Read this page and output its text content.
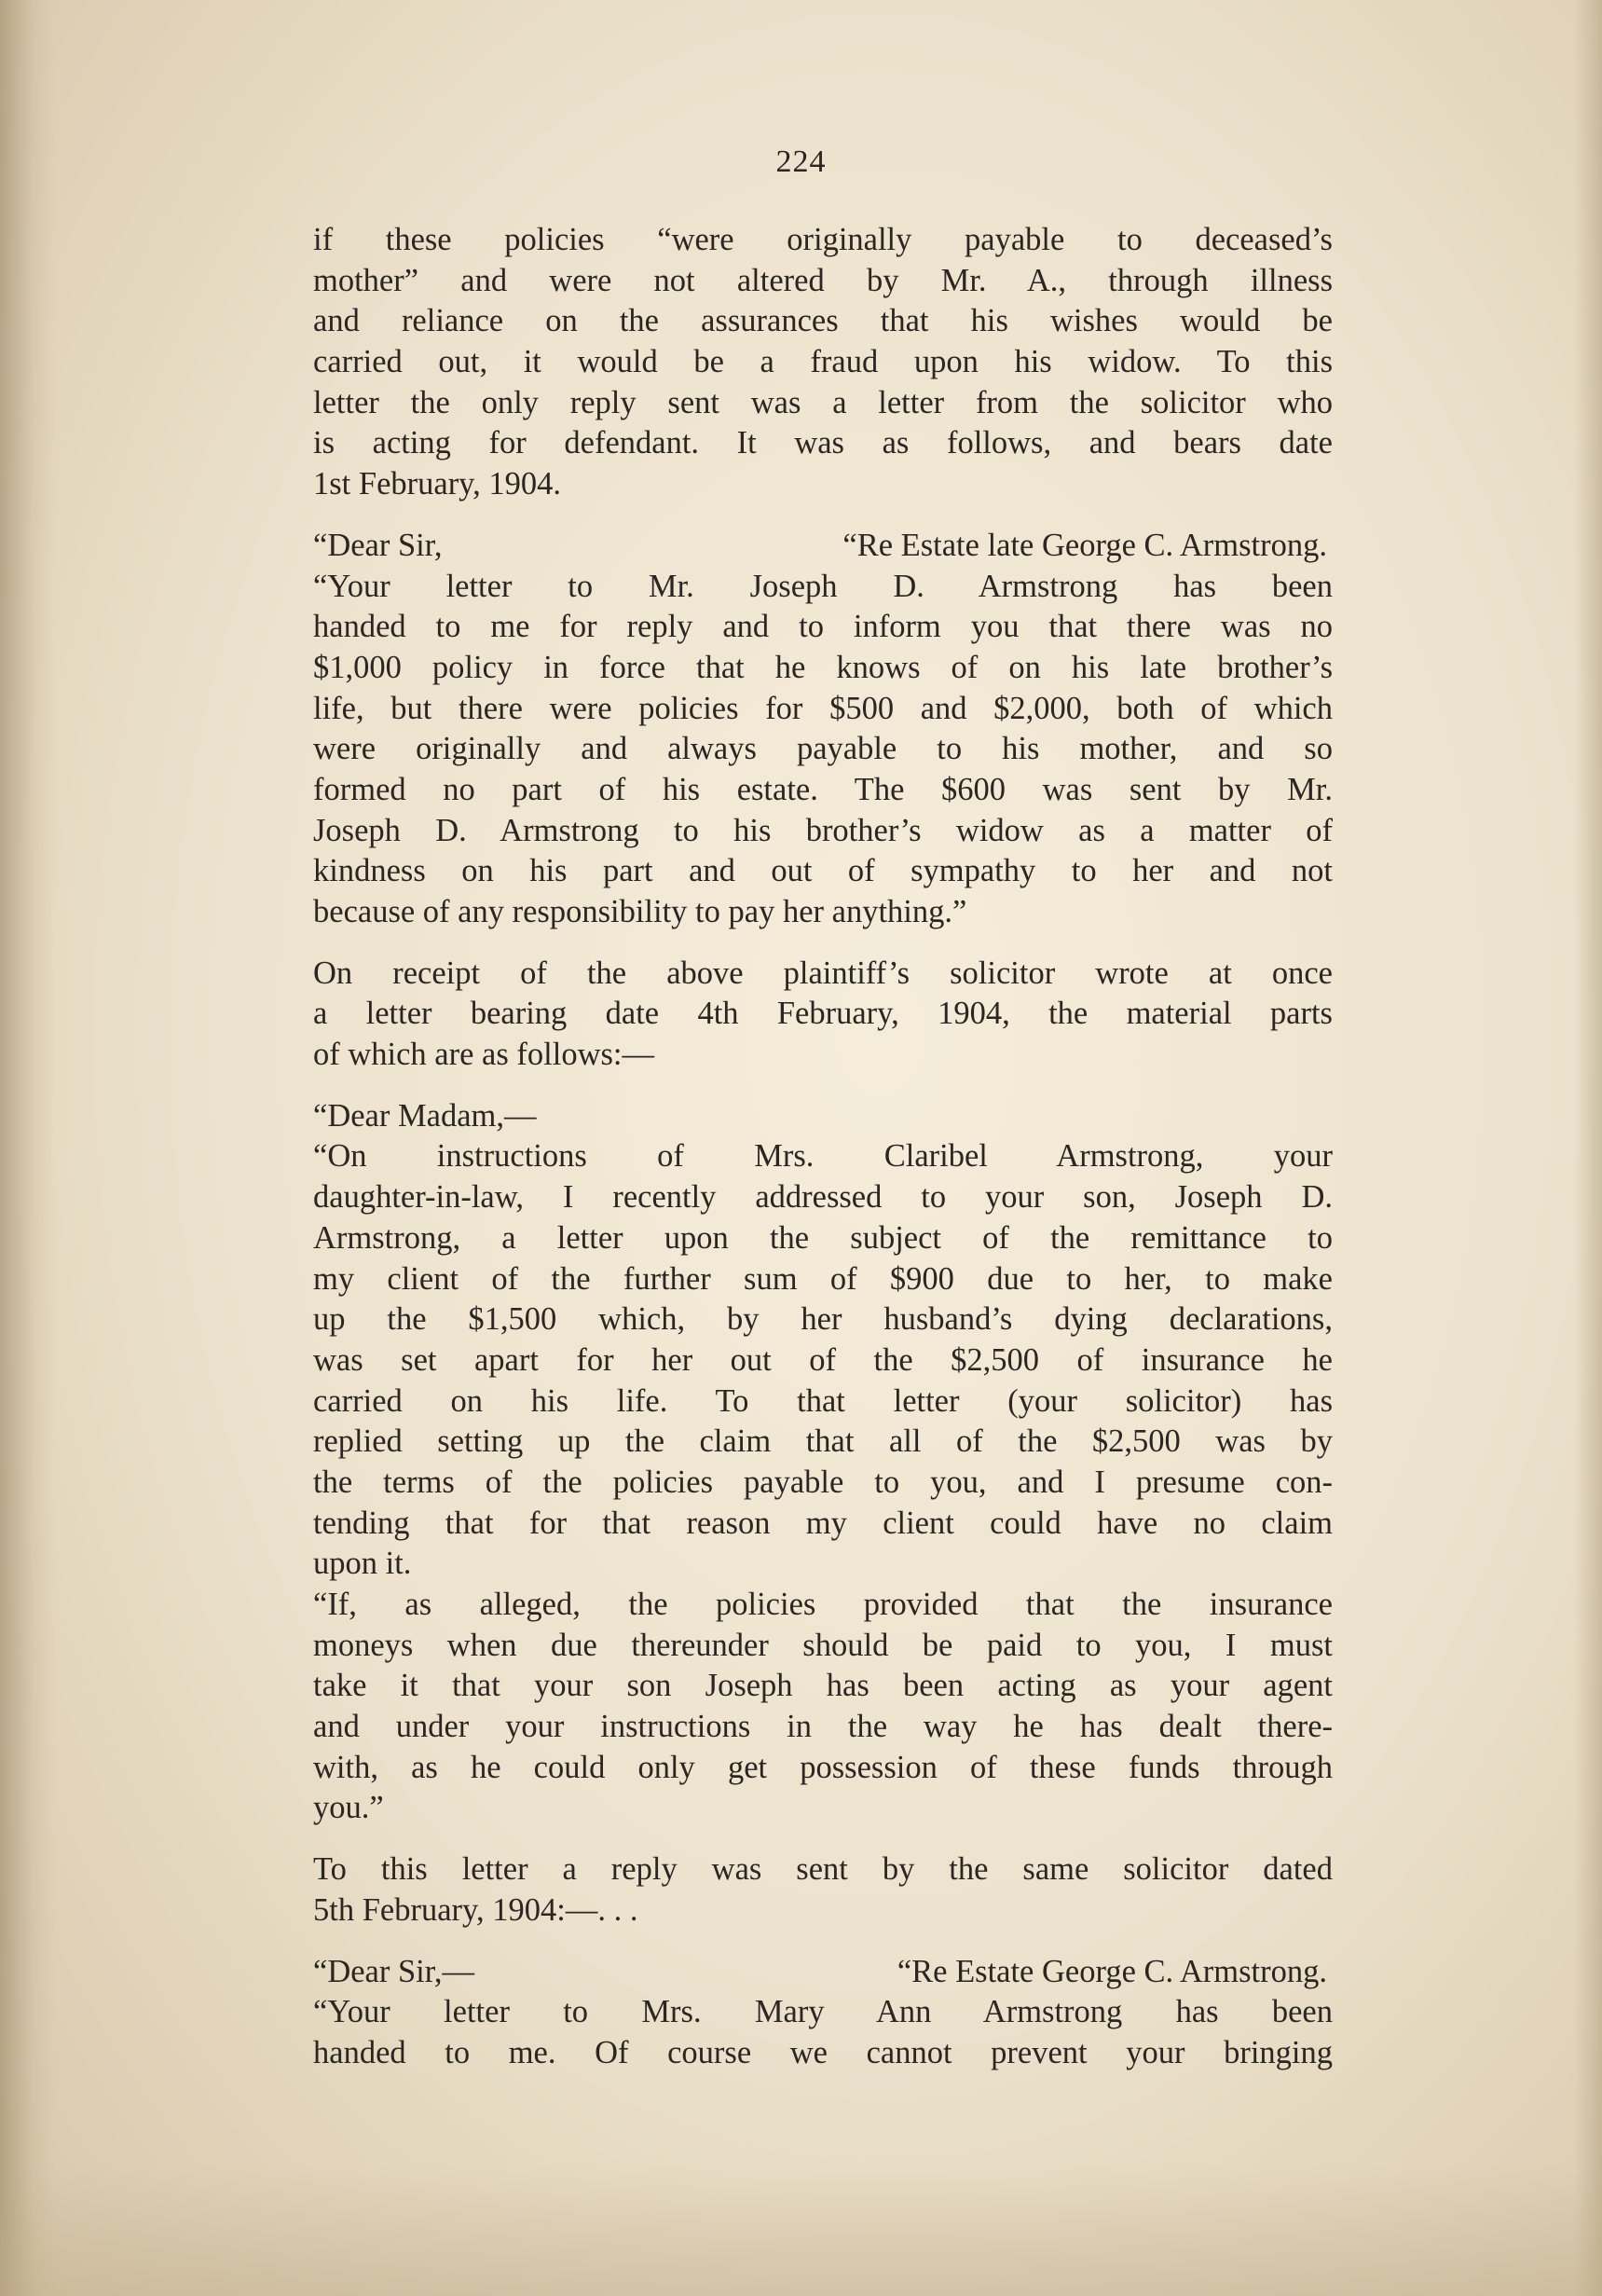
224
if these policies “were originally payable to deceased’s
mother” and were not altered by Mr. A., through illness
and reliance on the assurances that his wishes would be
carried out, it would be a fraud upon his widow. To this
letter the only reply sent was a letter from the solicitor who
is acting for defendant. It was as follows, and bears date
1st February, 1904.
“Dear Sir,	“Re Estate late George C. Armstrong.
“Your letter to Mr. Joseph D. Armstrong has been
handed to me for reply and to inform you that there was no
$1,000 policy in force that he knows of on his late brother’s
life, but there were policies for $500 and $2,000, both of which
were originally and always payable to his mother, and so
formed no part of his estate. The $600 was sent by Mr.
Joseph D. Armstrong to his brother’s widow as a matter of
kindness on his part and out of sympathy to her and not
because of any responsibility to pay her anything.”
On receipt of the above plaintiff’s solicitor wrote at once
a letter bearing date 4th February, 1904, the material parts
of which are as follows:—
“Dear Madam,—
“On instructions of Mrs. Claribel Armstrong, your
daughter-in-law, I recently addressed to your son, Joseph D.
Armstrong, a letter upon the subject of the remittance to
my client of the further sum of $900 due to her, to make
up the $1,500 which, by her husband’s dying declarations,
was set apart for her out of the $2,500 of insurance he
carried on his life. To that letter (your solicitor) has
replied setting up the claim that all of the $2,500 was by
the terms of the policies payable to you, and I presume con-
tending that for that reason my client could have no claim
upon it.
“If, as alleged, the policies provided that the insurance
moneys when due thereunder should be paid to you, I must
take it that your son Joseph has been acting as your agent
and under your instructions in the way he has dealt there-
with, as he could only get possession of these funds through
you.”
To this letter a reply was sent by the same solicitor dated
5th February, 1904:—. . .
“Dear Sir,—	“Re Estate George C. Armstrong.
“Your letter to Mrs. Mary Ann Armstrong has been
handed to me. Of course we cannot prevent your bringing
